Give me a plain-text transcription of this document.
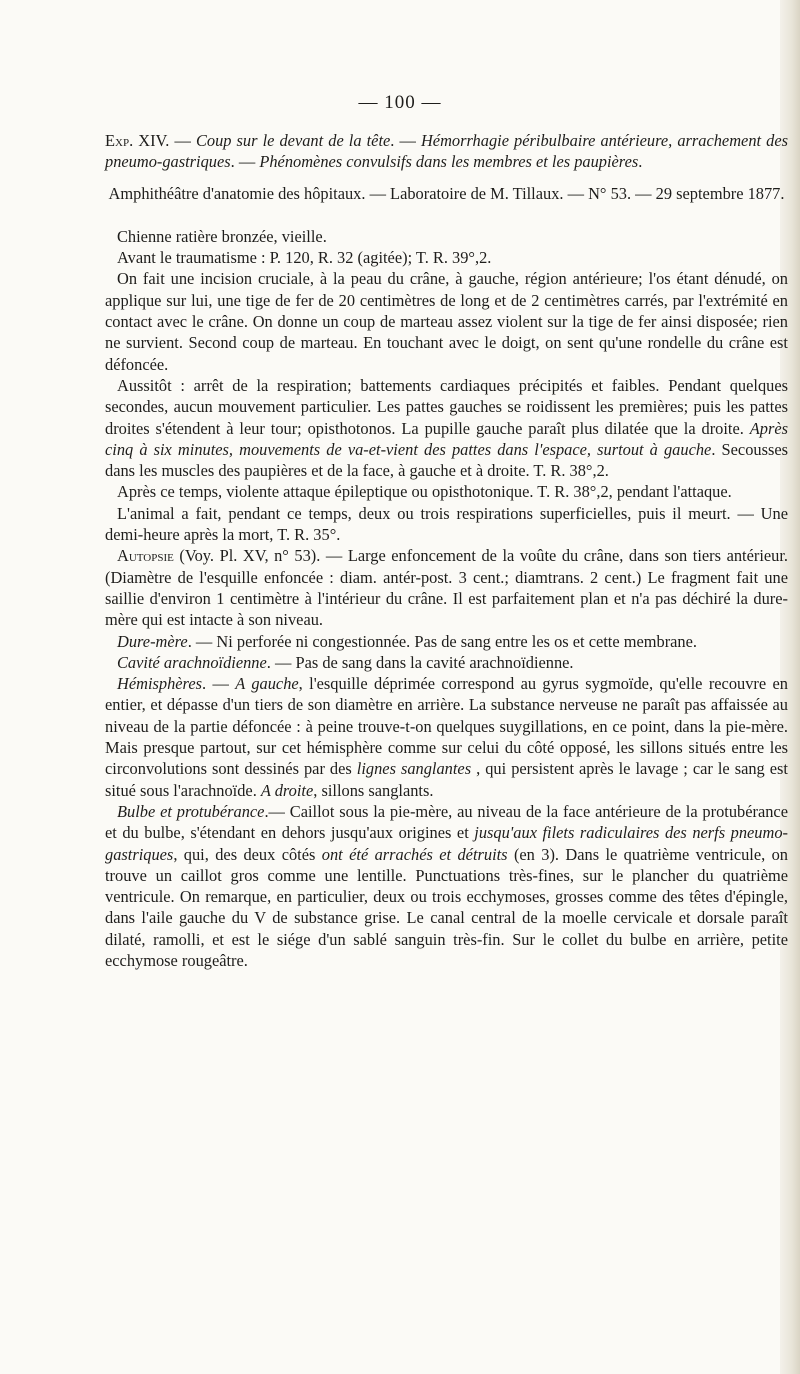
— 100 —

Exp. XIV. — Coup sur le devant de la tête. — Hémorrhagie péribulbaire antérieure, arrachement des pneumo-gastriques. — Phénomènes convulsifs dans les membres et les paupières.

Amphithéâtre d'anatomie des hôpitaux. — Laboratoire de M. Tillaux. — N° 53. — 29 septembre 1877.

Chienne ratière bronzée, vieille.

Avant le traumatisme : P. 120, R. 32 (agitée); T. R. 39°,2.

On fait une incision cruciale, à la peau du crâne, à gauche, région antérieure; l'os étant dénudé, on applique sur lui, une tige de fer de 20 centimètres de long et de 2 centimètres carrés, par l'extrémité en contact avec le crâne. On donne un coup de marteau assez violent sur la tige de fer ainsi disposée; rien ne survient. Second coup de marteau. En touchant avec le doigt, on sent qu'une rondelle du crâne est défoncée.

Aussitôt : arrêt de la respiration; battements cardiaques précipités et faibles. Pendant quelques secondes, aucun mouvement particulier. Les pattes gauches se roidissent les premières; puis les pattes droites s'étendent à leur tour; opisthotonos. La pupille gauche paraît plus dilatée que la droite. Après cinq à six minutes, mouvements de va-et-vient des pattes dans l'espace, surtout à gauche. Secousses dans les muscles des paupières et de la face, à gauche et à droite. T. R. 38°,2.

Après ce temps, violente attaque épileptique ou opisthotonique. T. R. 38°,2, pendant l'attaque.

L'animal a fait, pendant ce temps, deux ou trois respirations superficielles, puis il meurt. — Une demi-heure après la mort, T. R. 35°.

Autopsie (Voy. Pl. XV, n° 53). — Large enfoncement de la voûte du crâne, dans son tiers antérieur. (Diamètre de l'esquille enfoncée : diam. antér-post. 3 cent.; diamtrans. 2 cent.) Le fragment fait une saillie d'environ 1 centimètre à l'intérieur du crâne. Il est parfaitement plan et n'a pas déchiré la dure-mère qui est intacte à son niveau.

Dure-mère. — Ni perforée ni congestionnée. Pas de sang entre les os et cette membrane.

Cavité arachnoïdienne. — Pas de sang dans la cavité arachnoïdienne.

Hémisphères. — A gauche, l'esquille déprimée correspond au gyrus sygmoïde, qu'elle recouvre en entier, et dépasse d'un tiers de son diamètre en arrière. La substance nerveuse ne paraît pas affaissée au niveau de la partie défoncée : à peine trouve-t-on quelques suygillations, en ce point, dans la pie-mère. Mais presque partout, sur cet hémisphère comme sur celui du côté opposé, les sillons situés entre les circonvolutions sont dessinés par des lignes sanglantes , qui persistent après le lavage ; car le sang est situé sous l'arachnoïde. A droite, sillons sanglants.

Bulbe et protubérance.— Caillot sous la pie-mère, au niveau de la face antérieure de la protubérance et du bulbe, s'étendant en dehors jusqu'aux origines et jusqu'aux filets radiculaires des nerfs pneumo-gastriques, qui, des deux côtés ont été arrachés et détruits (en 3). Dans le quatrième ventricule, on trouve un caillot gros comme une lentille. Punctuations très-fines, sur le plancher du quatrième ventricule. On remarque, en particulier, deux ou trois ecchymoses, grosses comme des têtes d'épingle, dans l'aile gauche du V de substance grise. Le canal central de la moelle cervicale et dorsale paraît dilaté, ramolli, et est le siége d'un sablé sanguin très-fin. Sur le collet du bulbe en arrière, petite ecchymose rougeâtre.
